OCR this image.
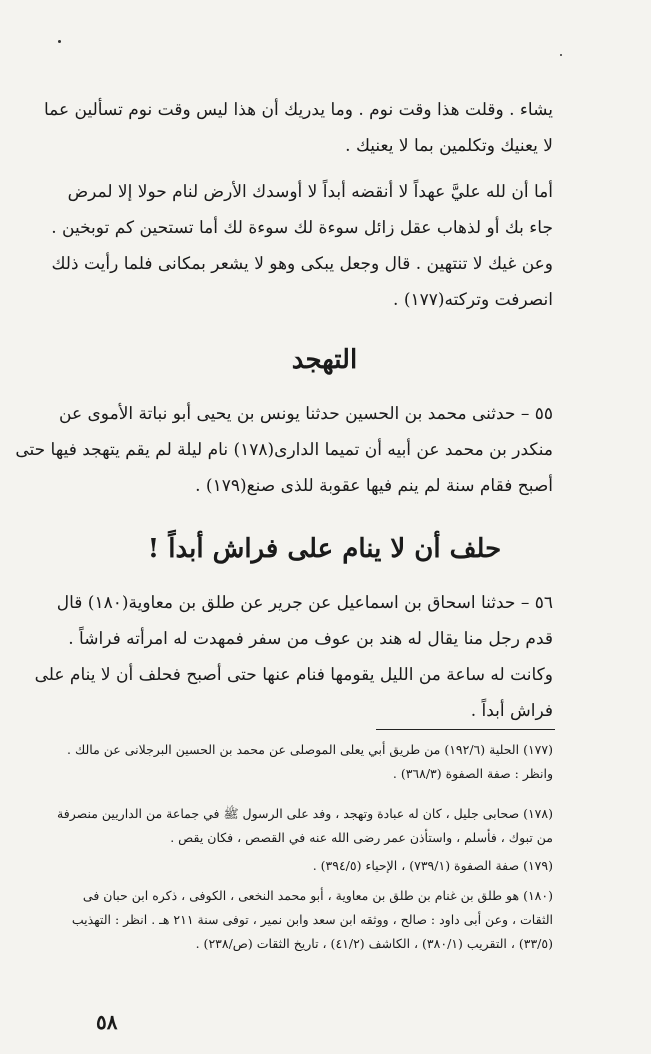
يشاء . وقلت هذا وقت نوم . وما يدريك أن هذا ليس وقت نوم تسألين عما
لا يعنيك وتكلمين بما لا يعنيك .
أما أن لله عليَّ عهداً لا أنقضه أبداً لا أوسدك الأرض لنام حولا إلا لمرض
جاء بك أو لذهاب عقل زائل سوءة لك سوءة لك أما تستحين كم توبخين .
وعن غيك لا تنتهين . قال وجعل يبكى وهو لا يشعر بمكانى فلما رأيت ذلك
انصرفت وتركته(١٧٧) .
التهجد
٥٥ – حدثنى محمد بن الحسين حدثنا يونس بن يحيى أبو نباتة الأموى عن
منكدر بن محمد عن أبيه أن تميما الدارى(١٧٨) نام ليلة لم يقم يتهجد فيها حتى
أصبح فقام سنة لم ينم فيها عقوبة للذى صنع(١٧٩) .
حلف أن لا ينام على فراش أبداً !
٥٦ – حدثنا اسحاق بن اسماعيل عن جرير عن طلق بن معاوية(١٨٠) قال
قدم رجل منا يقال له هند بن عوف من سفر فمهدت له امرأته فراشاً .
وكانت له ساعة من الليل يقومها فنام عنها حتى أصبح فحلف أن لا ينام على
فراش أبداً .
(١٧٧) الحلية (١٩٢/٦) من طريق أبي يعلى الموصلى عن محمد بن الحسين البرجلانى عن مالك .
وانظر : صفة الصفوة (٣٦٨/٣) .
(١٧٨) صحابى جليل ، كان له عبادة وتهجد ، وفد على الرسول ﷺ في جماعة من الداريين منصرفة
من تبوك ، فأسلم ، واستأذن عمر رضى الله عنه في القصص ، فكان يقص .
(١٧٩) صفة الصفوة (٧٣٩/١) ، الإحياء (٣٩٤/٥) .
(١٨٠) هو طلق بن غنام بن طلق بن معاوية ، أبو محمد النخعى ، الكوفى ، ذكره ابن حبان فى
الثقات ، وعن أبى داود : صالح ، ووثقه ابن سعد وابن نمير ، توفى سنة ٢١١ هـ . انظر : التهذيب
(٣٣/٥) ، التقريب (٣٨٠/١) ، الكاشف (٤١/٢) ، تاريخ الثقات (ص/٢٣٨) .
٥٨
